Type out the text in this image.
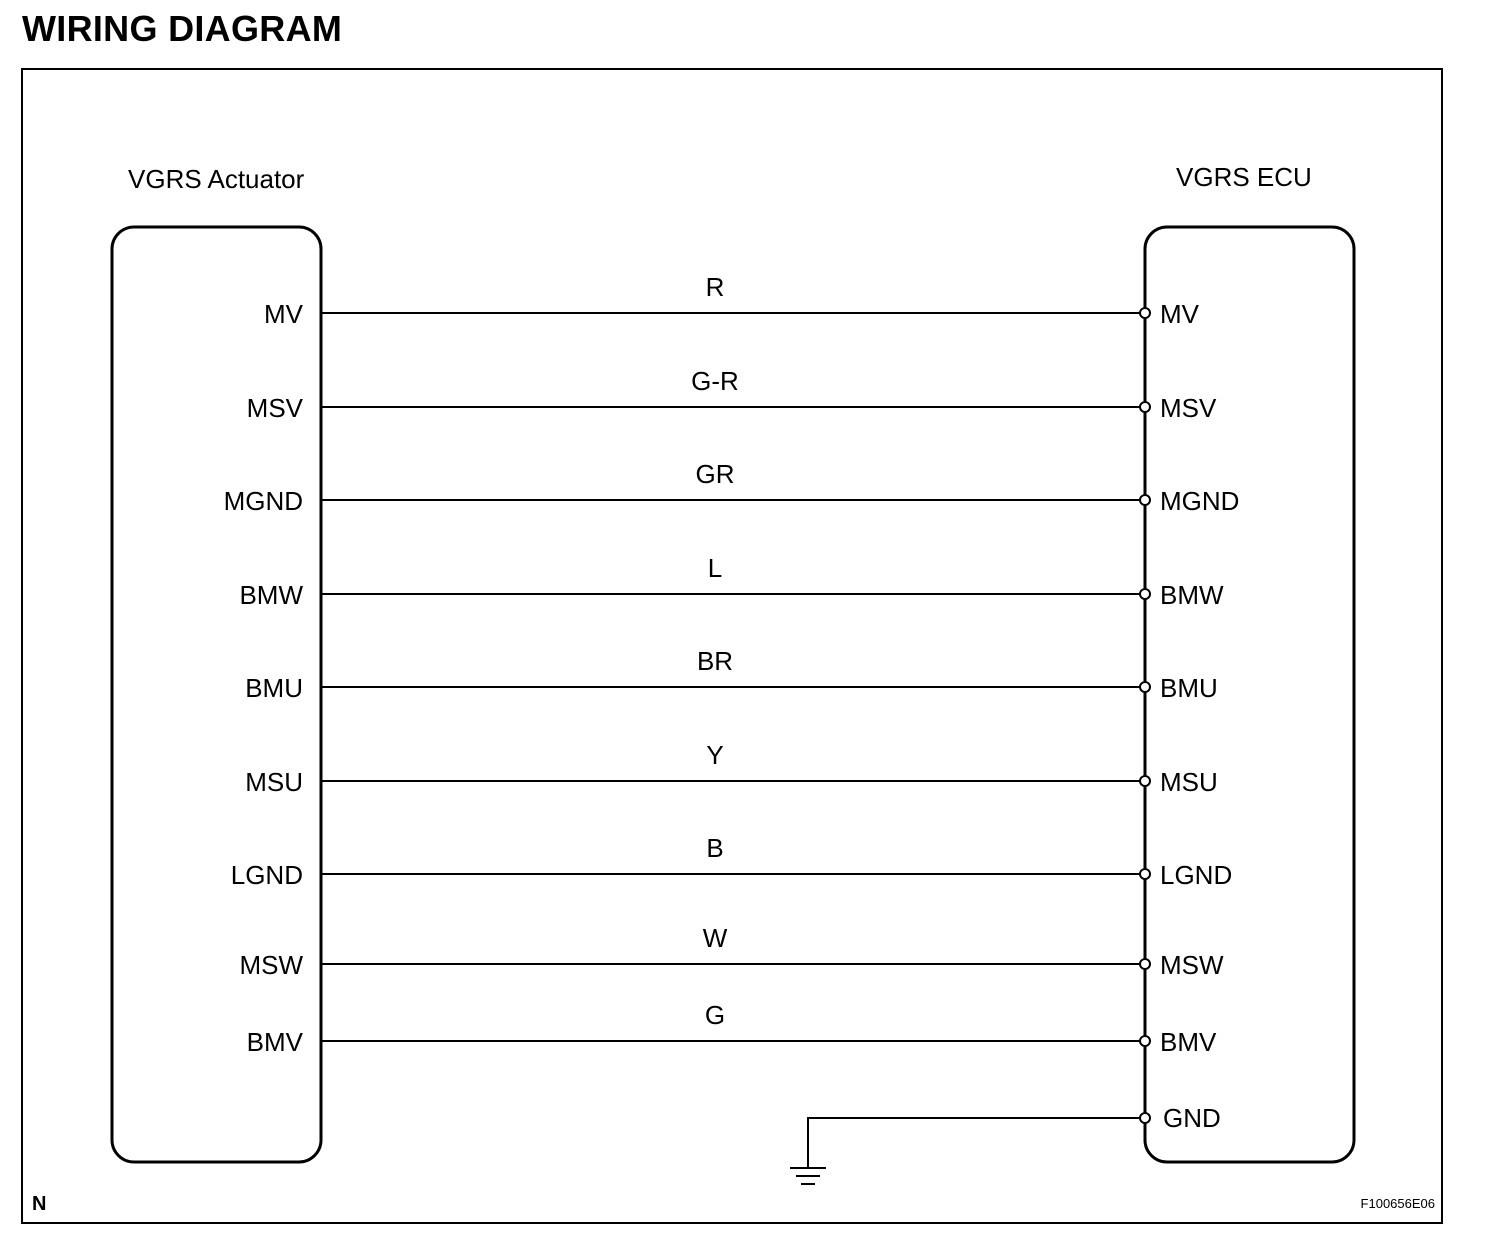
WIRING DIAGRAM
VGRS Actuator	VGRS ECU
R
MV	MV
G-R
MSV	MSV
GR
MGND	MGND
L
BMW	BMW
BR
BMU	BMU
Y
MSU	MSU
B
LGND	LGND
W
MSW	MSW
G
BMV	BMV
GND
N	F100656E06
